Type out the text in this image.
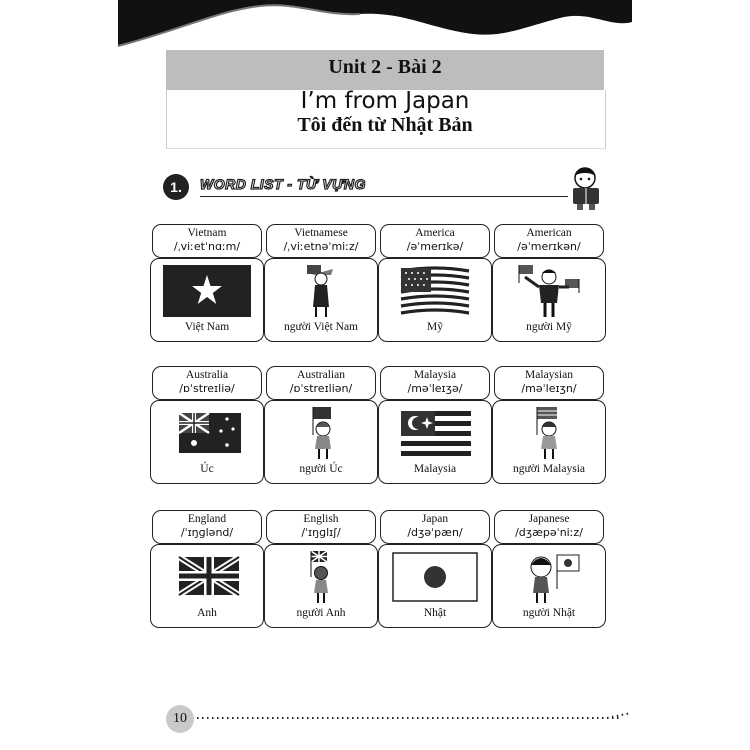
Unit 2 - Bài 2
I’m from Japan
Tôi đến từ Nhật Bản
1.	WORD LIST - TỪ VỰNG
Vietnam
/ˌviːetˈnɑːm/
Việt Nam
Vietnamese
/ˌviːetnəˈmiːz/
người Việt Nam
America
/əˈmerɪkə/
Mỹ
American
/əˈmerɪkən/
người Mỹ
Australia
/ɒˈstreɪliə/
Úc
Australian
/ɒˈstreɪliən/
người Úc
Malaysia
/məˈleɪʒə/
Malaysia
Malaysian
/məˈleɪʒn/
người Malaysia
England
/ˈɪŋɡlənd/
Anh
English
/ˈɪŋɡlɪʃ/
người Anh
Japan
/dʒəˈpæn/
Nhật
Japanese
/dʒæpəˈniːz/
người Nhật
10
